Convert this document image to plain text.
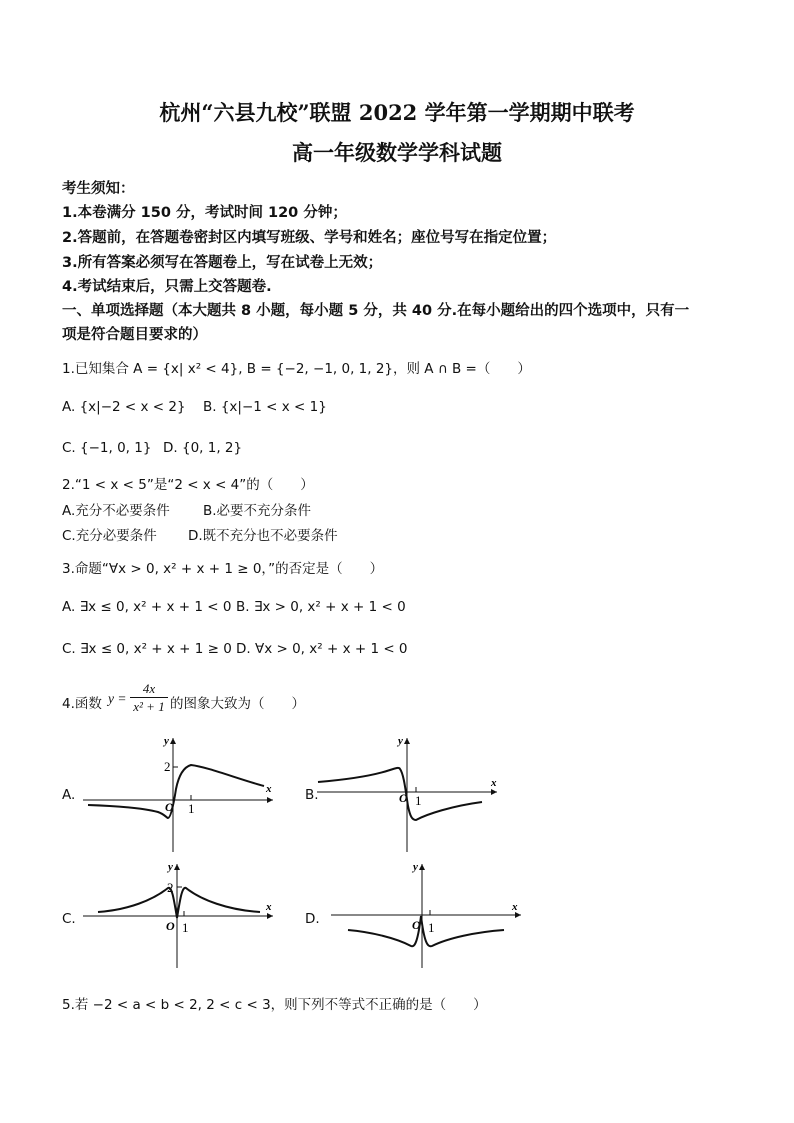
杭州“六县九校”联盟 2022 学年第一学期期中联考
高一年级数学学科试题
考生须知：
1.本卷满分 150 分，考试时间 120 分钟；
2.答题前，在答题卷密封区内填写班级、学号和姓名；座位号写在指定位置；
3.所有答案必须写在答题卷上，写在试卷上无效；
4.考试结束后，只需上交答题卷.
一、单项选择题（本大题共 8 小题，每小题 5 分，共 40 分.在每小题给出的四个选项中，只有一
项是符合题目要求的）
1.已知集合 A = {x| x² < 4}, B = {−2, −1, 0, 1, 2}，则 A ∩ B =（　　）
A. {x|−2 < x < 2} B. {x|−1 < x < 1}
C. {−1, 0, 1} D. {0, 1, 2}
2.“1 < x < 5”是“2 < x < 4”的（　　）
A.充分不必要条件 B.必要不充分条件
C.充分必要条件 D.既不充分也不必要条件
3.命题“∀x > 0, x² + x + 1 ≥ 0，”的否定是（　　）
A. ∃x ≤ 0, x² + x + 1 < 0 B. ∃x > 0, x² + x + 1 < 0
C. ∃x ≤ 0, x² + x + 1 ≥ 0 D. ∀x > 0, x² + x + 1 < 0
4.函数 y =
4x
x² + 1 的图象大致为（　　）
A.	B.
C.	D.
y
x
2
O 1
y
x
O 1
y
x
2
O 1
y
x
O 1
5.若 −2 < a < b < 2, 2 < c < 3，则下列不等式不正确的是（　　）
